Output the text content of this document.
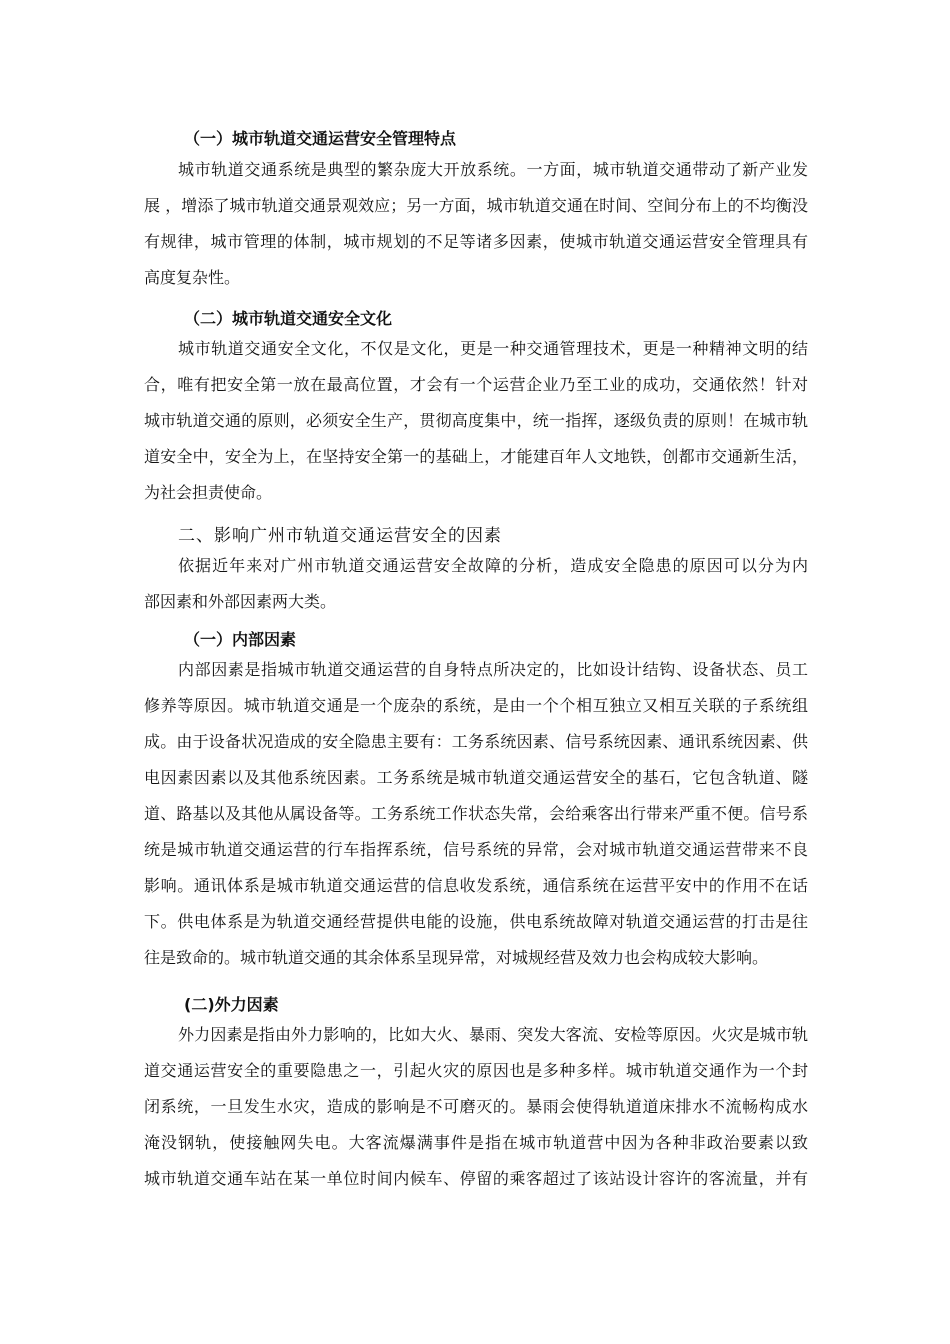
（一）城市轨道交通运营安全管理特点
城市轨道交通系统是典型的繁杂庞大开放系统。一方面，城市轨道交通带动了新产业发
展 ，增添了城市轨道交通景观效应；另一方面，城市轨道交通在时间、空间分布上的不均衡没
有规律，城市管理的体制，城市规划的不足等诸多因素，使城市轨道交通运营安全管理具有
高度复杂性。
（二）城市轨道交通安全文化
城市轨道交通安全文化，不仅是文化，更是一种交通管理技术，更是一种精神文明的结
合，唯有把安全第一放在最高位置，才会有一个运营企业乃至工业的成功，交通依然！针对
城市轨道交通的原则，必须安全生产，贯彻高度集中，统一指挥，逐级负责的原则！在城市轨
道安全中，安全为上，在坚持安全第一的基础上，才能建百年人文地铁，创都市交通新生活，
为社会担责使命。
二、影响广州市轨道交通运营安全的因素
依据近年来对广州市轨道交通运营安全故障的分析，造成安全隐患的原因可以分为内
部因素和外部因素两大类。
（一）内部因素
内部因素是指城市轨道交通运营的自身特点所决定的，比如设计结钩、设备状态、员工
修养等原因。城市轨道交通是一个庞杂的系统，是由一个个相互独立又相互关联的子系统组
成。由于设备状况造成的安全隐患主要有：工务系统因素、信号系统因素、通讯系统因素、供
电因素因素以及其他系统因素。工务系统是城市轨道交通运营安全的基石，它包含轨道、隧
道、路基以及其他从属设备等。工务系统工作状态失常，会给乘客出行带来严重不便。信号系
统是城市轨道交通运营的行车指挥系统，信号系统的异常，会对城市轨道交通运营带来不良
影响。通讯体系是城市轨道交通运营的信息收发系统，通信系统在运营平安中的作用不在话
下。供电体系是为轨道交通经营提供电能的设施，供电系统故障对轨道交通运营的打击是往
往是致命的。城市轨道交通的其余体系呈现异常，对城规经营及效力也会构成较大影响。
(二)外力因素
外力因素是指由外力影响的，比如大火、暴雨、突发大客流、安检等原因。火灾是城市轨
道交通运营安全的重要隐患之一，引起火灾的原因也是多种多样。城市轨道交通作为一个封
闭系统，一旦发生水灾，造成的影响是不可磨灭的。暴雨会使得轨道道床排水不流畅构成水
淹没钢轨，使接触网失电。大客流爆满事件是指在城市轨道营中因为各种非政治要素以致
城市轨道交通车站在某一单位时间内候车、停留的乘客超过了该站设计容许的客流量，并有
